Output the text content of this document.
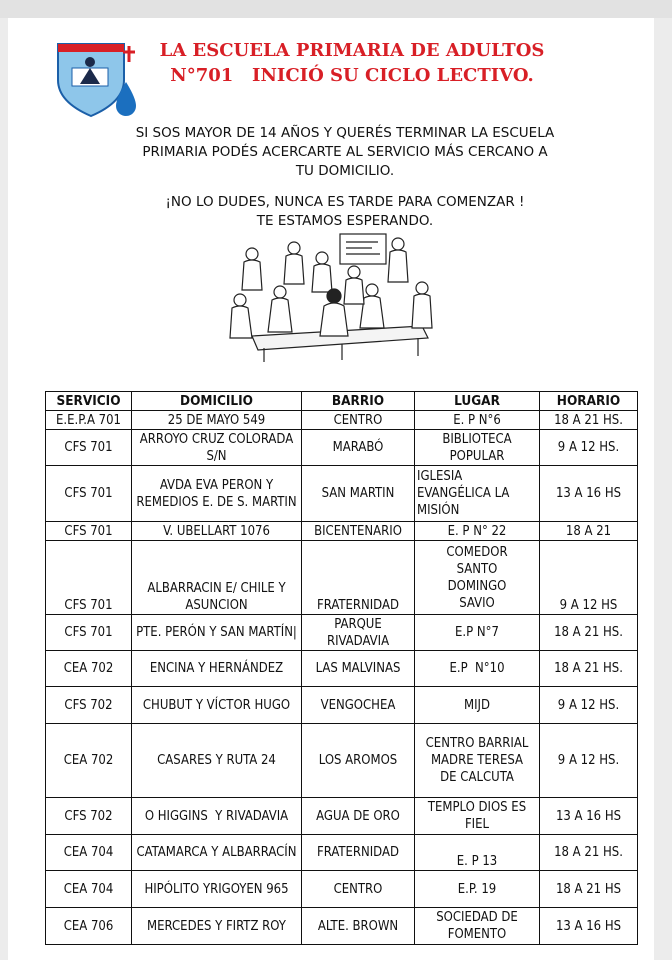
LA ESCUELA PRIMARIA DE ADULTOS
N°701   INICIÓ SU CICLO LECTIVO.
SI SOS MAYOR DE 14 AÑOS Y QUERÉS TERMINAR LA ESCUELA
PRIMARIA PODÉS ACERCARTE AL SERVICIO MÁS CERCANO A
TU DOMICILIO.
¡NO LO DUDES, NUNCA ES TARDE PARA COMENZAR !
TE ESTAMOS ESPERANDO.
SERVICIO	DOMICILIO	BARRIO	LUGAR	HORARIO
E.E.P.A 701	25 DE MAYO 549	CENTRO	E. P N°6	18 A 21 HS.
CFS 701	ARROYO CRUZ COLORADA S/N	MARABÓ	BIBLIOTECA POPULAR	9 A 12 HS.
CFS 701	AVDA EVA PERON Y REMEDIOS E. DE S. MARTIN	SAN MARTIN	IGLESIA EVANGÉLICA LA MISIÓN	13 A 16 HS
CFS 701	V. UBELLART 1076	BICENTENARIO	E. P N° 22	18 A 21
CFS 701	ALBARRACIN E/ CHILE Y ASUNCION	FRATERNIDAD	COMEDOR SANTO DOMINGO SAVIO	9 A 12 HS
CFS 701	PTE. PERÓN Y SAN MARTÍN|	PARQUE RIVADAVIA	E.P N°7	18 A 21 HS.
CEA 702	ENCINA Y HERNÁNDEZ	LAS MALVINAS	E.P  N°10	18 A 21 HS.
CFS 702	CHUBUT Y VÍCTOR HUGO	VENGOCHEA	MIJD	9 A 12 HS.
CEA 702	CASARES Y RUTA 24	LOS AROMOS	CENTRO BARRIAL MADRE TERESA DE CALCUTA	9 A 12 HS.
CFS 702	O HIGGINS  Y RIVADAVIA	AGUA DE ORO	TEMPLO DIOS ES FIEL	13 A 16 HS
CEA 704	CATAMARCA Y ALBARRACÍN	FRATERNIDAD	E. P 13	18 A 21 HS.
CEA 704	HIPÓLITO YRIGOYEN 965	CENTRO	E.P. 19	18 A 21 HS
CEA 706	MERCEDES Y FIRTZ ROY	ALTE. BROWN	SOCIEDAD DE FOMENTO	13 A 16 HS
